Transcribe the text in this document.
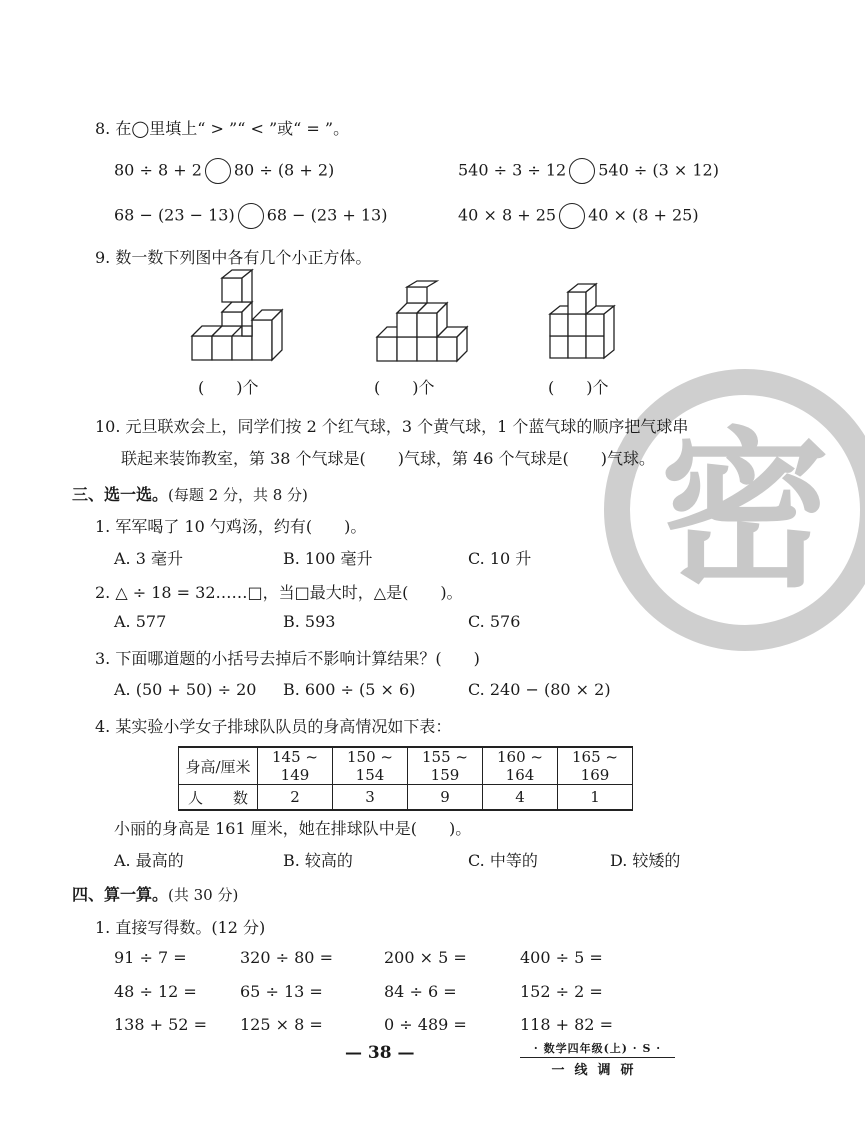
密
8. 在◯里填上“ > ”“ < ”或“ = ”。
80 ÷ 8 + 2 80 ÷ (8 + 2)	540 ÷ 3 ÷ 12 540 ÷ (3 × 12)
68 − (23 − 13) 68 − (23 + 13)	40 × 8 + 25 40 × (8 + 25)
9. 数一数下列图中各有几个小正方体。
(　　)个	(　　)个	(　　)个
10. 元旦联欢会上，同学们按 2 个红气球，3 个黄气球，1 个蓝气球的顺序把气球串
联起来装饰教室，第 38 个气球是(　　)气球，第 46 个气球是(　　)气球。
三、选一选。(每题 2 分，共 8 分)
1. 军军喝了 10 勺鸡汤，约有(　　)。
A. 3 毫升	B. 100 毫升	C. 10 升
2. △ ÷ 18 = 32……□，当□最大时，△是(　　)。
A. 577	B. 593	C. 576
3. 下面哪道题的小括号去掉后不影响计算结果？(　　)
A. (50 + 50) ÷ 20 B. 600 ÷ (5 × 6)	C. 240 − (80 × 2)
4. 某实验小学女子排球队队员的身高情况如下表：
身高/厘米	145 ~ 149	150 ~ 154	155 ~ 159	160 ~ 164	165 ~ 169
人　　数	2	3	9	4	1
小丽的身高是 161 厘米，她在排球队中是(　　)。
A. 最高的	B. 较高的	C. 中等的	D. 较矮的
四、算一算。(共 30 分)
1. 直接写得数。(12 分)
91 ÷ 7 =	320 ÷ 80 =	200 × 5 =	400 ÷ 5 =
48 ÷ 12 =	65 ÷ 13 =	84 ÷ 6 =	152 ÷ 2 =
138 + 52 = 125 × 8 =	0 ÷ 489 =	118 + 82 =
— 38 —	· 数学四年级(上) · S ·
一线调研
